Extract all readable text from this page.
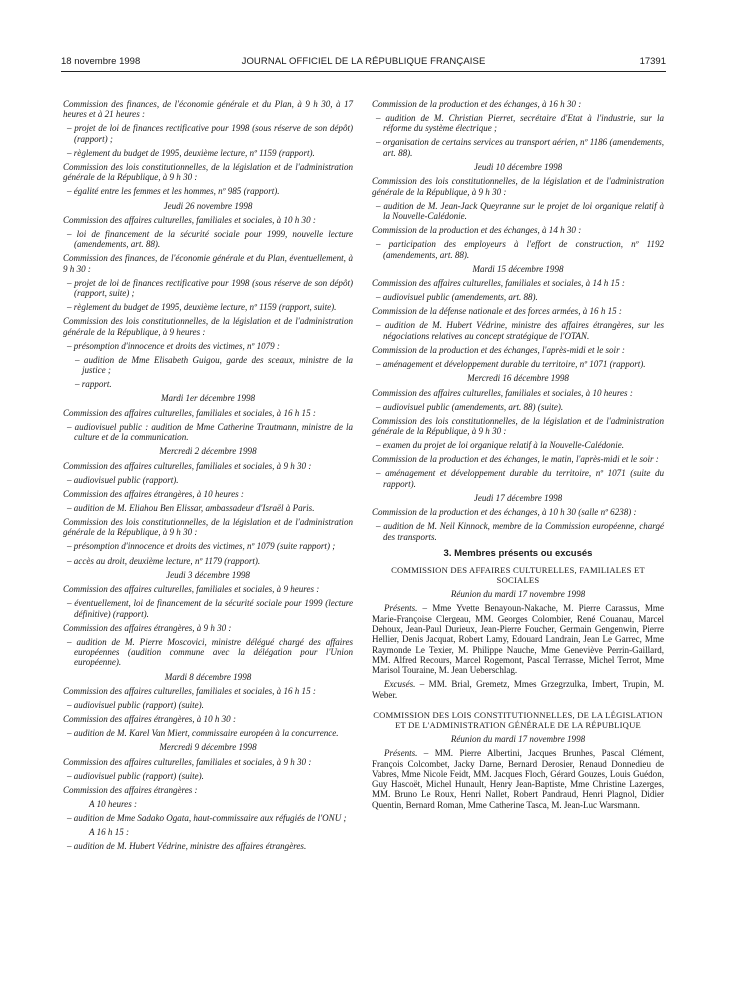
18 novembre 1998	JOURNAL OFFICIEL DE LA RÉPUBLIQUE FRANÇAISE	17391
Commission des finances, de l'économie générale et du Plan, à 9 h 30, à 17 heures et à 21 heures :
– projet de loi de finances rectificative pour 1998 (sous réserve de son dépôt) (rapport) ;
– règlement du budget de 1995, deuxième lecture, nº 1159 (rapport).
Commission des lois constitutionnelles, de la législation et de l'administration générale de la République, à 9 h 30 :
– égalité entre les femmes et les hommes, nº 985 (rapport).
Jeudi 26 novembre 1998
Commission des affaires culturelles, familiales et sociales, à 10 h 30 :
– loi de financement de la sécurité sociale pour 1999, nouvelle lecture (amendements, art. 88).
Commission des finances, de l'économie générale et du Plan, éventuellement, à 9 h 30 :
– projet de loi de finances rectificative pour 1998 (sous réserve de son dépôt) (rapport, suite) ;
– règlement du budget de 1995, deuxième lecture, nº 1159 (rapport, suite).
Commission des lois constitutionnelles, de la législation et de l'administration générale de la République, à 9 heures :
– présomption d'innocence et droits des victimes, nº 1079 :
– audition de Mme Elisabeth Guigou, garde des sceaux, ministre de la justice ;
– rapport.
Mardi 1er décembre 1998
Commission des affaires culturelles, familiales et sociales, à 16 h 15 :
– audiovisuel public : audition de Mme Catherine Trautmann, ministre de la culture et de la communication.
Mercredi 2 décembre 1998
Commission des affaires culturelles, familiales et sociales, à 9 h 30 :
– audiovisuel public (rapport).
Commission des affaires étrangères, à 10 heures :
– audition de M. Eliahou Ben Elissar, ambassadeur d'Israël à Paris.
Commission des lois constitutionnelles, de la législation et de l'administration générale de la République, à 9 h 30 :
– présomption d'innocence et droits des victimes, nº 1079 (suite rapport) ;
– accès au droit, deuxième lecture, nº 1179 (rapport).
Jeudi 3 décembre 1998
Commission des affaires culturelles, familiales et sociales, à 9 heures :
– éventuellement, loi de financement de la sécurité sociale pour 1999 (lecture définitive) (rapport).
Commission des affaires étrangères, à 9 h 30 :
– audition de M. Pierre Moscovici, ministre délégué chargé des affaires européennes (audition commune avec la délégation pour l'Union européenne).
Mardi 8 décembre 1998
Commission des affaires culturelles, familiales et sociales, à 16 h 15 :
– audiovisuel public (rapport) (suite).
Commission des affaires étrangères, à 10 h 30 :
– audition de M. Karel Van Miert, commissaire européen à la concurrence.
Mercredi 9 décembre 1998
Commission des affaires culturelles, familiales et sociales, à 9 h 30 :
– audiovisuel public (rapport) (suite).
Commission des affaires étrangères :
A 10 heures :
– audition de Mme Sadako Ogata, haut-commissaire aux réfugiés de l'ONU ;
A 16 h 15 :
– audition de M. Hubert Védrine, ministre des affaires étrangères.
Commission de la production et des échanges, à 16 h 30 :
– audition de M. Christian Pierret, secrétaire d'Etat à l'industrie, sur la réforme du système électrique ;
– organisation de certains services au transport aérien, nº 1186 (amendements, art. 88).
Jeudi 10 décembre 1998
Commission des lois constitutionnelles, de la législation et de l'administration générale de la République, à 9 h 30 :
– audition de M. Jean-Jack Queyranne sur le projet de loi organique relatif à la Nouvelle-Calédonie.
Commission de la production et des échanges, à 14 h 30 :
– participation des employeurs à l'effort de construction, nº 1192 (amendements, art. 88).
Mardi 15 décembre 1998
Commission des affaires culturelles, familiales et sociales, à 14 h 15 :
– audiovisuel public (amendements, art. 88).
Commission de la défense nationale et des forces armées, à 16 h 15 :
– audition de M. Hubert Védrine, ministre des affaires étrangères, sur les négociations relatives au concept stratégique de l'OTAN.
Commission de la production et des échanges, l'après-midi et le soir :
– aménagement et développement durable du territoire, nº 1071 (rapport).
Mercredi 16 décembre 1998
Commission des affaires culturelles, familiales et sociales, à 10 heures :
– audiovisuel public (amendements, art. 88) (suite).
Commission des lois constitutionnelles, de la législation et de l'administration générale de la République, à 9 h 30 :
– examen du projet de loi organique relatif à la Nouvelle-Calédonie.
Commission de la production et des échanges, le matin, l'après-midi et le soir :
– aménagement et développement durable du territoire, nº 1071 (suite du rapport).
Jeudi 17 décembre 1998
Commission de la production et des échanges, à 10 h 30 (salle nº 6238) :
– audition de M. Neil Kinnock, membre de la Commission européenne, chargé des transports.
3. Membres présents ou excusés
COMMISSION DES AFFAIRES CULTURELLES, FAMILIALES ET SOCIALES
Réunion du mardi 17 novembre 1998
Présents. – Mme Yvette Benayoun-Nakache, M. Pierre Carassus, Mme Marie-Françoise Clergeau, MM. Georges Colombier, René Couanau, Marcel Dehoux, Jean-Paul Durieux, Jean-Pierre Foucher, Germain Gengenwin, Pierre Hellier, Denis Jacquat, Robert Lamy, Edouard Landrain, Jean Le Garrec, Mme Raymonde Le Texier, M. Philippe Nauche, Mme Geneviève Perrin-Gaillard, MM. Alfred Recours, Marcel Rogemont, Pascal Terrasse, Michel Terrot, Mme Marisol Touraine, M. Jean Ueberschlag.
Excusés. – MM. Brial, Gremetz, Mmes Grzegrzulka, Imbert, Trupin, M. Weber.
COMMISSION DES LOIS CONSTITUTIONNELLES, DE LA LÉGISLATION ET DE L'ADMINISTRATION GÉNÉRALE DE LA RÉPUBLIQUE
Réunion du mardi 17 novembre 1998
Présents. – MM. Pierre Albertini, Jacques Brunhes, Pascal Clément, François Colcombet, Jacky Darne, Bernard Derosier, Renaud Donnedieu de Vabres, Mme Nicole Feidt, MM. Jacques Floch, Gérard Gouzes, Louis Guédon, Guy Hascoët, Michel Hunault, Henry Jean-Baptiste, Mme Christine Lazerges, MM. Bruno Le Roux, Henri Nallet, Robert Pandraud, Henri Plagnol, Didier Quentin, Bernard Roman, Mme Catherine Tasca, M. Jean-Luc Warsmann.
